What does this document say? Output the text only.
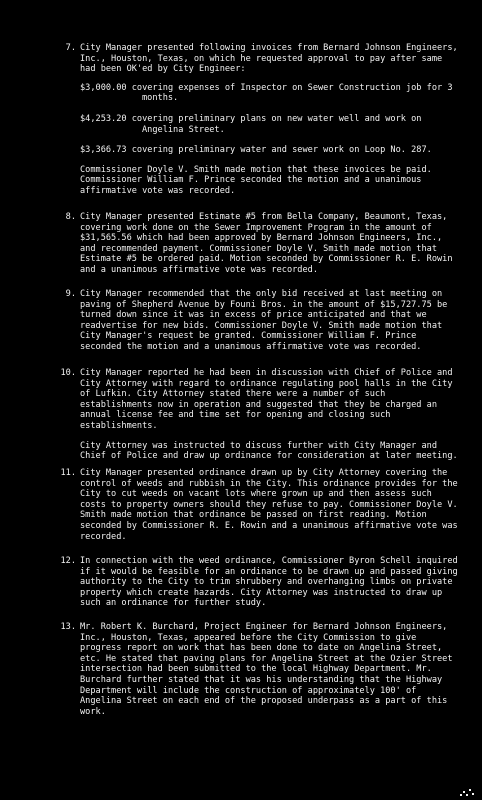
7. City Manager presented following invoices from Bernard Johnson Engineers, Inc., Houston, Texas, on which he requested approval to pay after same had been OK'ed by City Engineer:

$3,000.00 covering expenses of Inspector on Sewer Construction job for 3 months.

$4,253.20 covering preliminary plans on new water well and work on Angelina Street.

$3,366.73 covering preliminary water and sewer work on Loop No. 287.

Commissioner Doyle V. Smith made motion that these invoices be paid. Commissioner William F. Prince seconded the motion and a unanimous affirmative vote was recorded.

8. City Manager presented Estimate #5 from Bella Company, Beaumont, Texas, covering work done on the Sewer Improvement Program in the amount of $31,565.56 which had been approved by Bernard Johnson Engineers, Inc., and recommended payment. Commissioner Doyle V. Smith made motion that Estimate #5 be ordered paid. Motion seconded by Commissioner R. E. Rowin and a unanimous affirmative vote was recorded.

9. City Manager recommended that the only bid received at last meeting on paving of Shepherd Avenue by Founi Bros. in the amount of $15,727.75 be turned down since it was in excess of price anticipated and that we readvertise for new bids. Commissioner Doyle V. Smith made motion that City Manager's request be granted. Commissioner William F. Prince seconded the motion and a unanimous affirmative vote was recorded.

10. City Manager reported he had been in discussion with Chief of Police and City Attorney with regard to ordinance regulating pool halls in the City of Lufkin. City Attorney stated there were a number of such establishments now in operation and suggested that they be charged an annual license fee and time set for opening and closing such establishments.

City Attorney was instructed to discuss further with City Manager and Chief of Police and draw up ordinance for consideration at later meeting.

11. City Manager presented ordinance drawn up by City Attorney covering the control of weeds and rubbish in the City. This ordinance provides for the City to cut weeds on vacant lots where grown up and then assess such costs to property owners should they refuse to pay. Commissioner Doyle V. Smith made motion that ordinance be passed on first reading. Motion seconded by Commissioner R. E. Rowin and a unanimous affirmative vote was recorded.

12. In connection with the weed ordinance, Commissioner Byron Schell inquired if it would be feasible for an ordinance to be drawn up and passed giving authority to the City to trim shrubbery and overhanging limbs on private property which create hazards. City Attorney was instructed to draw up such an ordinance for further study.

13. Mr. Robert K. Burchard, Project Engineer for Bernard Johnson Engineers, Inc., Houston, Texas, appeared before the City Commission to give progress report on work that has been done to date on Angelina Street, etc. He stated that paving plans for Angelina Street at the Ozier Street intersection had been submitted to the local Highway Department. Mr. Burchard further stated that it was his understanding that the Highway Department will include the construction of approximately 100' of Angelina Street on each end of the proposed underpass as a part of this work.
